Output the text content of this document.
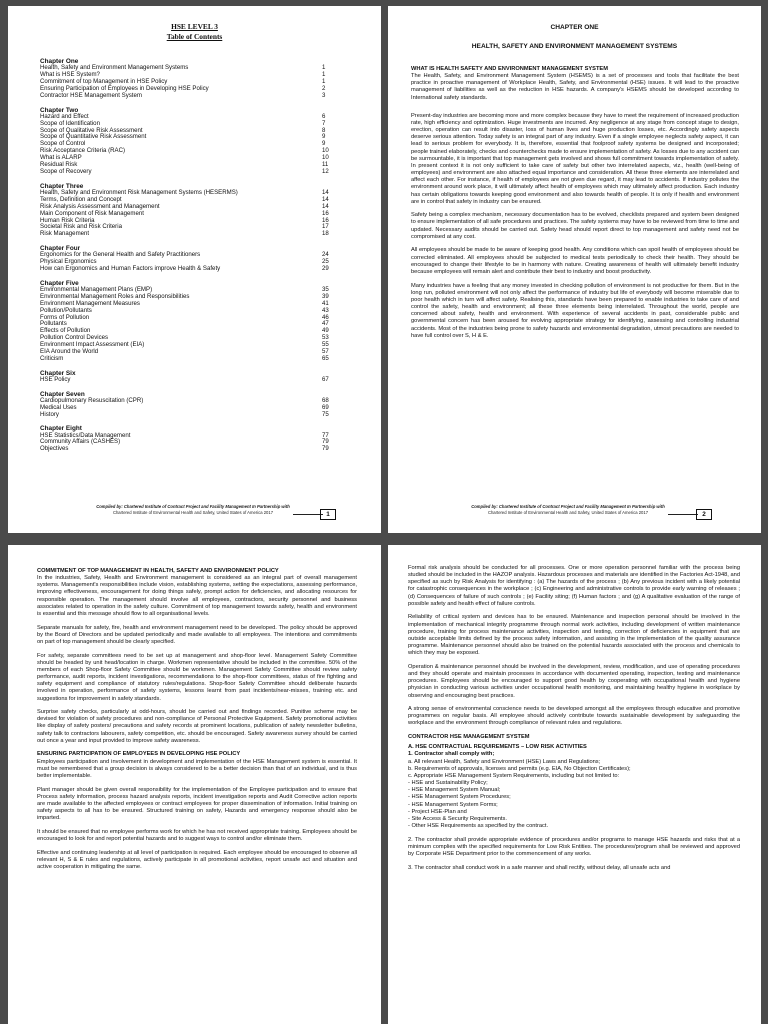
HSE LEVEL 3
Table of Contents
Chapter One
Health, Safety and Environment Management Systems	1
What is HSE System?	1
Commitment of top Management in HSE Policy	1
Ensuring Participation of Employees in Developing HSE Policy	2
Contractor HSE Management System	3
Chapter Two
Hazard and Effect	6
Scope of Identification	7
Scope of Qualitative Risk Assessment	8
Scope of Quantitative Risk Assessment	9
Scope of Control	9
Risk Acceptance Criteria (RAC)	10
What is ALARP	10
Residual Risk	11
Scope of Recovery	12
Chapter Three
Health, Safety and Environment Risk Management Systems (HESERMS)	14
Terms, Definition and Concept	14
Risk Analysis Assessment and Management	14
Main Component of Risk Management	16
Human Risk Criteria	16
Societal Risk and Risk Criteria	17
Risk Management	18
Chapter Four
Ergonomics for the General Health and Safety Practitioners	24
Physical Ergonomics	25
How can Ergonomics and Human Factors improve Health & Safety	29
Chapter Five
Environmental Management Plans (EMP)	35
Environmental Management Roles and Responsibilities	39
Environment Management Measures	41
Pollution/Pollutants	43
Forms of Pollution	46
Pollutants	47
Effects of Pollution	49
Pollution Control Devices	53
Environment Impact Assessment (EIA)	55
EIA Around the World	57
Criticism	65
Chapter Six
HSE Policy	67
Chapter Seven
Cardiopulmonary Resuscitation (CPR)	68
Medical Uses	69
History	75
Chapter Eight
HSE Statistics/Data Management	77
Community Affairs (CASHES)	79
Objectives	79
Compiled by: Chartered Institute of Contract Project and Facility Management In Partnership with
Chartered Institute of Environmental Health and Safety, United States of America 2017	1
CHAPTER ONE
HEALTH, SAFETY AND ENVIRONMENT MANAGEMENT SYSTEMS

WHAT IS HEALTH SAFETY AND ENVIRONMENT MANAGEMENT SYSTEM

The Health, Safety, and Environment Management System (HSEMS) is a set of processes and tools that facilitate the best practice in proactive management of Workplace Health, Safety, and Environmental (HSE) issues. It will lead to the proactive management of liabilities as well as the reduction in HSE hazards. A company's HSEMS should be developed according to International safety standards.

Present-day industries are becoming more and more complex because they have to meet the requirement of increased production rate, high efficiency and optimization. Huge investments are incurred. Any negligence at any stage from concept stage to design, erection, operation can result into disaster, loss of human lives and huge production losses, etc. Accordingly safety aspects deserve serious attention. Today safety is an integral part of any industry. Even if a single employee neglects safety aspect, it can lead to serious problem for everybody. It is, therefore, essential that foolproof safety systems be designed and incorporated; people trained elaborately, checks and counterchecks made to ensure implementation of safety. As losses due to any accident can be surmountable, it is important that top management gets involved and shows full commitment towards implementation of safety. In present context it is not only sufficient to take care of safety but other two interrelated aspects, viz., health (well-being of employees) and environment are also attached equal importance and consideration. All these three elements are interrelated and affect each other. For instance, if health of employees are not given due regard, it may lead to accidents. If industry pollutes the environment around work place, it will ultimately affect health of employees which may ultimately affect production. Each industry has certain obligations towards keeping good environment and also towards health of people. It is only if health and environment are in control that safety in industry can be ensured.

Safety being a complex mechanism, necessary documentation has to be evolved, checklists prepared and system been designed to ensure implementation of all safe procedures and practices. The safety systems may have to be reviewed from time to time and updated. Necessary audits should be carried out. Safety head should report direct to top management and safety need not be compromised at any cost.

All employees should be made to be aware of keeping good health. Any conditions which can spoil health of employees should be corrected eliminated. All employees should be subjected to medical tests periodically to check their health. They should be encouraged to change their lifestyle to be in harmony with nature. Creating awareness of health will ultimately benefit industry because employees will remain alert and contribute their best to industry and boost productivity.

Many industries have a feeling that any money invested in checking pollution of environment is not productive for them. But in the long run, polluted environment will not only affect the performance of industry but life of everybody will become miserable due to poor health which in turn will affect safety. Realising this, standards have been prepared to enable industries to take care of and control the safety, health and environment; all these three elements being interrelated. Throughout the world, people are concerned about safety, health and environment. With experience of several accidents in past, considerable public and governmental concern has been aroused for evolving appropriate strategy for identifying, assessing and controlling industrial accidents. Most of the industries being prone to safety hazards and environmental degradation, utmost precautions are needed to have full control over S, H & E.

Compiled by: Chartered Institute of Contract Project and Facility Management In Partnership with
Chartered Institute of Environmental Health and Safety, United States of America 2017	2

COMMITMENT OF TOP MANAGEMENT IN HEALTH, SAFETY AND ENVIRONMENT POLICY

In the industries, Safety, Health and Environment management is considered as an integral part of overall management systems. Management's responsibilities include vision, establishing systems, setting the expectations, assessing performance, improving effectiveness, encouragement for doing things safely, prompt action for deficiencies, and allocating resources for responsible operation. The management should involve all employees, contractors, security personnel and business associates related to operation in the safety culture. Commitment of top management towards safety, health and environment is essential and this message should flow to all organisational levels.

Separate manuals for safety, fire, health and environment management need to be developed. The policy should be approved by the Board of Directors and be updated periodically and made available to all employees. The intentions and commitments on part of top management should be clearly specified.

For safety, separate committees need to be set up at management and shop-floor level. Management Safety Committee should be headed by unit head/location in charge. Workmen representative should be included in the committee. 50% of the members of each Shop-floor Safety Committee should be workmen. Management Safety Committee should review safety performance, audit reports, incident investigations, recommendations to the shop-floor committees, status of fire fighting and safety equipment and compliance of statutory rules/regulations. Shop-floor Safety Committee should deliberate hazards involved in operation, performance of safety systems, lessons learnt from past incidents/near-misses, training etc. and suggestions for improvement in safety standards.

Surprise safety checks, particularly at odd-hours, should be carried out and findings recorded. Punitive scheme may be devised for violation of safety procedures and non-compliance of Personal Protective Equipment. Safety promotional activities like display of safety posters/ precautions and safety records at prominent locations, publication of safety newsletter bulletins, safety talk to contractors labourers, safety competition, etc. should be encouraged. Safety awareness survey should be carried out once a year and input provided to improve safety awareness.

ENSURING PARTICIPATION OF EMPLOYEES IN DEVELOPING HSE POLICY

Employees participation and involvement in development and implementation of the HSE Management system is essential. It must be remembered that a group decision is always considered to be a better decision than that of an individual, and is thus better implementable.

Plant manager should be given overall responsibility for the implementation of the Employee participation and to ensure that Process safety information, process hazard analysis reports, incident investigation reports and Audit Corrective action reports are made available to the affected employees or contract employees for proper dissemination of information. Initial training on safety aspects to all has to be ensured. Structured training on safety, Hazards and emergency response should also be imparted.

It should be ensured that no employee performs work for which he has not received appropriate training. Employees should be encouraged to look for and report potential hazards and to suggest ways to control and/or eliminate them.

Effective and continuing leadership at all level of participation is required. Each employee should be encouraged to observe all relevant H, S & E rules and regulations, actively participate in all promotional activities, report unsafe act and situation and active cooperation in mitigating the same.

Formal risk analysis should be conducted for all processes. One or more operation personnel familiar with the process being studied should be included in the HAZOP analysis. Hazardous processes and materials are identified in the Factories Act-1948, and specified as such by Risk Analysis for identifying : (a) The hazards of the process ; (b) Any previous incident with a likely potential for catastrophic consequences in the workplace ; (c) Engineering and administrative controls to provide early warning of releases ; (d) Consequences of failure of such controls ; (e) Facility siting; (f) Human factors ; and (g) A qualitative evaluation of the range of possible safety and health effect of failure controls.

Reliability of critical system and devices has to be ensured. Maintenance and inspection personal should be involved in the implementation of mechanical integrity programme through normal work activities, including development of written maintenance procedure, training for process maintenance activities, inspection and testing, correction of deficiencies in equipment that are outside acceptable limits defined by the process safety information, and assisting in the implementation of the quality assurance programme. Maintenance personnel should also be trained on the potential hazards associated with the process and chemicals to which they may be exposed.

Operation & maintenance personnel should be involved in the development, review, modification, and use of operating procedures and they should operate and maintain processes in accordance with documented operating, inspection, testing and maintenance procedures. Employees should be encouraged to support good health by cooperating with occupational health and hygiene physician in conducting various activities under occupational health monitoring, and maintaining healthy hygiene in workplace by observing and encouraging best practices.

A strong sense of environmental conscience needs to be developed amongst all the employees through educative and promotive programmes on regular basis. All employee should actively contribute towards sustainable development by safeguarding the workplace and the environment through compliance of relevant rules and regulations.

CONTRACTOR HSE MANAGEMENT SYSTEM

A. HSE CONTRACTUAL REQUIREMENTS – LOW RISK ACTIVITIES

1. Contractor shall comply with;

a. All relevant Health, Safety and Environment (HSE) Laws and Regulations;
b. Requirements of approvals, licenses and permits (e.g. EIA, No Objection Certificates);
c. Appropriate HSE Management System Requirements, including but not limited to:
- HSE and Sustainability Policy;
- HSE Management System Manual;
- HSE Management System Procedures;
- HSE Management System Forms;
- Project HSE-Plan and
- Site Access & Security Requirements.
- Other HSE Requirements as specified by the contract.

2. The contractor shall provide appropriate evidence of procedures and/or programs to manage HSE hazards and risks that at a minimum complies with the specified requirements for Low Risk Entities. The procedures/program shall be reviewed and approved by Corporate HSE Department prior to the commencement of any works.

3. The contractor shall conduct work in a safe manner and shall rectify, without delay, all unsafe acts and
